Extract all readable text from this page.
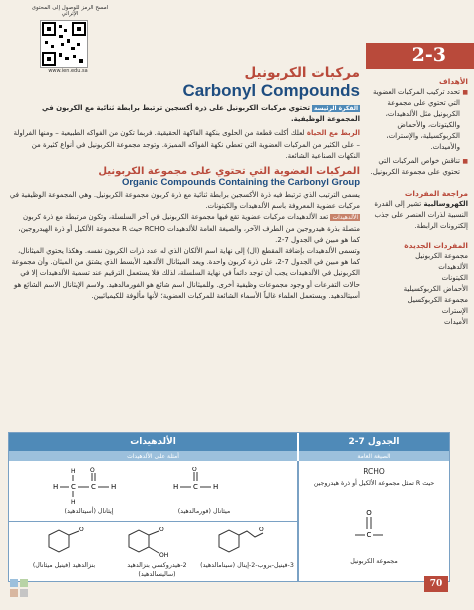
امسح الرمز للوصول إلى المحتوى الإثرائي
www.ien.edu.sa
2-3
الأهداف
■ تحدد تركيب المركبات العضوية التي تحتوي على مجموعة الكربونيل مثل الألدهيدات، والكيتونات، والأحماض الكربوكسيلية، والإسترات، والأميدات.
■ تناقش خواص المركبات التي تحتوي على مجموعة الكربونيل.
مراجعة المفردات
الكهروسالبية تشير إلى القدرة النسبية لذرات العنصر على جذب إلكترونات الرابطة.
المفردات الجديدة
مجموعة الكربونيل
الألدهيدات
الكيتونات
الأحماض الكربوكسيلية
مجموعة الكربوكسيل
الإسترات
الأميدات
مركبات الكربونيل
Carbonyl Compounds
الفكرة الرئيسةتحتوي مركبات الكربونيل على ذرة أكسجين ترتبط برابطة ثنائية مع الكربون في المجموعة الوظيفية.
الربط مع الحياة لعلك أكلت قطعة من الحلوى بنكهة الفاكهة الحقيقية. فربما تكون من الفواكه الطبيعية – ومنها الفراولة – على الكثير من المركبات العضوية التي تعطي نكهة الفواكه المميزة. وتوجد مجموعة الكربونيل في أنواع كثيرة من النكهات الصناعية الشائعة.
المركبات العضوية التي تحتوي على مجموعة الكربونيل
Organic Compounds Containing the Carbonyl Group
يسمى الترتيب الذي ترتبط فيه ذرة الأكسجين برابطة ثنائية مع ذرة كربون مجموعة الكربونيل. وهي المجموعة الوظيفية في مركبات عضوية المعروفة باسم الألدهيدات والكيتونات.
الألدهيدات تعد الألدهيدات مركبات عضوية تقع فيها مجموعة الكربونيل في آخر السلسلة، وتكون مرتبطة مع ذرة كربون متصلة بذرة هيدروجين من الطرف الآخر، والصيغة العامة للألدهيدات RCHO حيث R مجموعة الألكيل أو ذرة الهيدروجين، كما هو مبين في الجدول 7-2.
وتسمى الألدهيدات بإضافة المقطع (ال) إلى نهاية اسم الألكان الذي له عدد ذرات الكربون نفسه. وهكذا يحتوي الميثانال، كما هو مبين في الجدول 7-2، على ذرة كربون واحدة. ويعد الميثانال الألدهيد الأبسط الذي يشتق من الميثان. وأن مجموعة الكربونيل في الألدهيدات يجب أن توجد دائماً في نهاية السلسلة، لذلك فلا يستعمل الترقيم عند تسمية الألدهيدات إلا في حالات التفرعات أو وجود مجموعات وظيفية أخرى. وللميثانال اسم شائع هو الفورمالدهيد. ولاسم الإيثانال الاسم الشائع هو أسيتالدهيد. ويستعمل العلماء غالباً الأسماء الشائعة للمركبات العضوية؛ لأنها مألوفة للكيميائيين.
الجدول 7-2
الألدهيدات
الصيغة العامة
أمثلة على الألدهيدات
RCHO
حيث R تمثل مجموعة الألكيل أو ذرة هيدروجين
O
C
مجموعة الكربونيل
H C H
O
ميثانال (فورمالدهيد)
H
H C
H
C H
O
إيثانال (أسيتالدهيد)
O
3-فينيل-بروب-2-إينال (سينامالدهيد)
O
OH
2-هيدروكسي بنزالدهيد (ساليسالدهيد)
O
بنزالدهيد (فينيل ميثانال)
70
